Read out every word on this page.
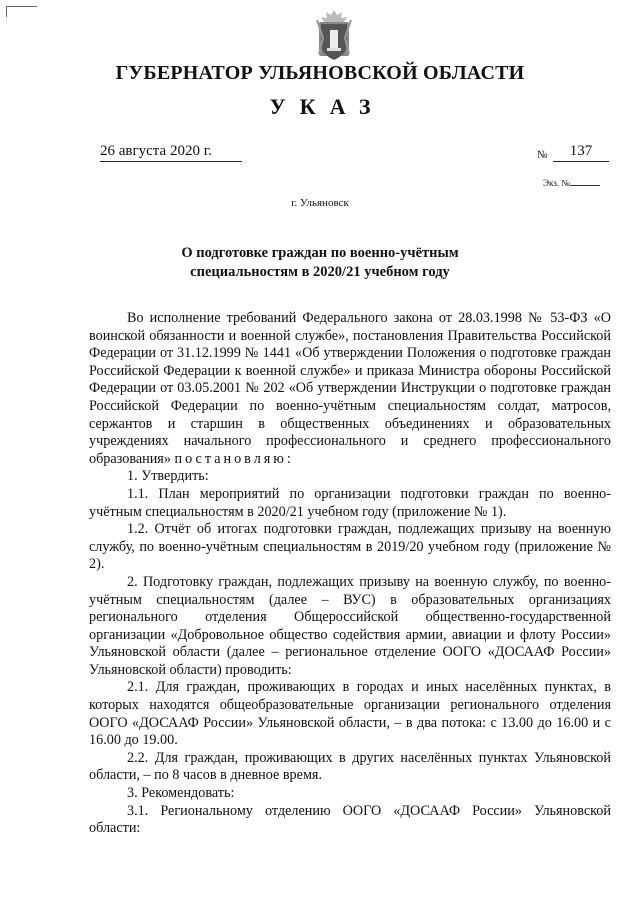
ГУБЕРНАТОР УЛЬЯНОВСКОЙ ОБЛАСТИ
УКАЗ
26 августа 2020 г.	№	137
Экз. №
г. Ульяновск
О подготовке граждан по военно-учётным
специальностям в 2020/21 учебном году

Во исполнение требований Федерального закона от 28.03.1998 № 53-ФЗ «О воинской обязанности и военной службе», постановления Правительства Российской Федерации от 31.12.1999 № 1441 «Об утверждении Положения о подготовке граждан Российской Федерации к военной службе» и приказа Министра обороны Российской Федерации от 03.05.2001 № 202 «Об утверждении Инструкции о подготовке граждан Российской Федерации по военно-учётным специальностям солдат, матросов, сержантов и старшин в общественных объединениях и образовательных учреждениях начального профессионального и среднего профессионального образования» постановляю:

1. Утвердить:

1.1. План мероприятий по организации подготовки граждан по военно-учётным специальностям в 2020/21 учебном году (приложение № 1).

1.2. Отчёт об итогах подготовки граждан, подлежащих призыву на военную службу, по военно-учётным специальностям в 2019/20 учебном году (приложение № 2).

2. Подготовку граждан, подлежащих призыву на военную службу, по военно-учётным специальностям (далее – ВУС) в образовательных организациях регионального отделения Общероссийской общественно-государственной организации «Добровольное общество содействия армии, авиации и флоту России» Ульяновской области (далее – региональное отделение ООГО «ДОСААФ России» Ульяновской области) проводить:

2.1. Для граждан, проживающих в городах и иных населённых пунктах, в которых находятся общеобразовательные организации регионального отделения ООГО «ДОСААФ России» Ульяновской области, – в два потока: с 13.00 до 16.00 и с 16.00 до 19.00.

2.2. Для граждан, проживающих в других населённых пунктах Ульяновской области, – по 8 часов в дневное время.

3. Рекомендовать:

3.1. Региональному отделению ООГО «ДОСААФ России» Ульяновской области:
